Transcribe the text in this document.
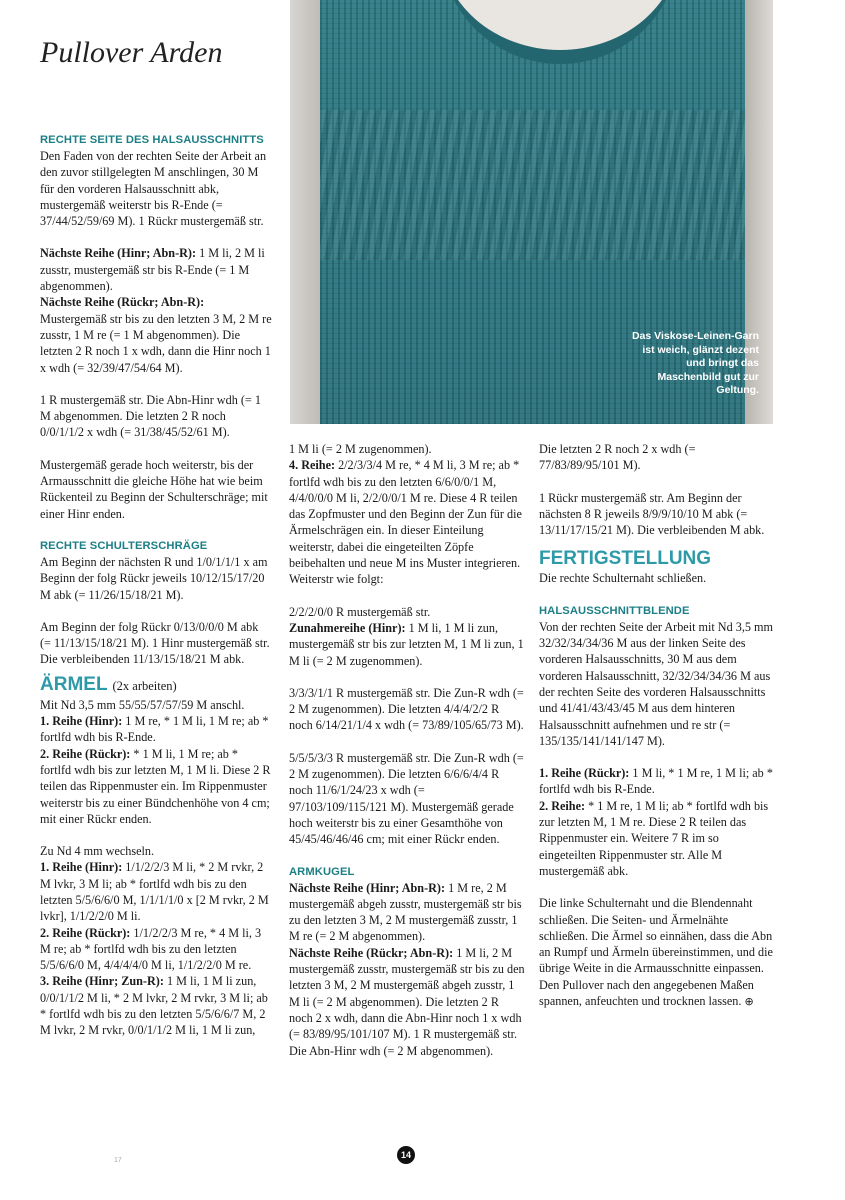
Pullover Arden
Das Viskose-Leinen-Garn ist weich, glänzt dezent und bringt das Maschenbild gut zur Geltung.
RECHTE SEITE DES HALSAUSSCHNITTS

Den Faden von der rechten Seite der Arbeit an den zuvor stillgelegten M anschlingen, 30 M für den vorderen Halsausschnitt abk, mustergemäß weiterstr bis R-Ende (= 37/44/52/59/69 M). 1 Rückr mustergemäß str.

Nächste Reihe (Hinr; Abn-R): 1 M li, 2 M li zusstr, mustergemäß str bis R-Ende (= 1 M abgenommen).

Nächste Reihe (Rückr; Abn-R): Mustergemäß str bis zu den letzten 3 M, 2 M re zusstr, 1 M re (= 1 M abgenommen). Die letzten 2 R noch 1 x wdh, dann die Hinr noch 1 x wdh (= 32/39/47/54/64 M).

1 R mustergemäß str. Die Abn-Hinr wdh (= 1 M abgenommen. Die letzten 2 R noch 0/0/1/1/2 x wdh (= 31/38/45/52/61 M).

Mustergemäß gerade hoch weiterstr, bis der Armausschnitt die gleiche Höhe hat wie beim Rückenteil zu Beginn der Schulterschräge; mit einer Hinr enden.

RECHTE SCHULTERSCHRÄGE

Am Beginn der nächsten R und 1/0/1/1/1 x am Beginn der folg Rückr jeweils 10/12/15/17/20 M abk (= 11/26/15/18/21 M).

Am Beginn der folg Rückr 0/13/0/0/0 M abk (= 11/13/15/18/21 M). 1 Hinr mustergemäß str. Die verbleibenden 11/13/15/18/21 M abk.

ÄRMEL (2x arbeiten)

Mit Nd 3,5 mm 55/55/57/57/59 M anschl.

1. Reihe (Hinr): 1 M re, * 1 M li, 1 M re; ab * fortlfd wdh bis R-Ende.

2. Reihe (Rückr): * 1 M li, 1 M re; ab * fortlfd wdh bis zur letzten M, 1 M li. Diese 2 R teilen das Rippenmuster ein. Im Rippenmuster weiterstr bis zu einer Bündchenhöhe von 4 cm; mit einer Rückr enden.

Zu Nd 4 mm wechseln.

1. Reihe (Hinr): 1/1/2/2/3 M li, * 2 M rvkr, 2 M lvkr, 3 M li; ab * fortlfd wdh bis zu den letzten 5/5/6/6/0 M, 1/1/1/1/0 x [2 M rvkr, 2 M lvkr], 1/1/2/2/0 M li.

2. Reihe (Rückr): 1/1/2/2/3 M re, * 4 M li, 3 M re; ab * fortlfd wdh bis zu den letzten 5/5/6/6/0 M, 4/4/4/4/0 M li, 1/1/2/2/0 M re.

3. Reihe (Hinr; Zun-R): 1 M li, 1 M li zun, 0/0/1/1/2 M li, * 2 M lvkr, 2 M rvkr, 3 M li; ab * fortlfd wdh bis zu den letzten 5/5/6/6/7 M, 2 M lvkr, 2 M rvkr, 0/0/1/1/2 M li, 1 M li zun,

1 M li (= 2 M zugenommen).

4. Reihe: 2/2/3/3/4 M re, * 4 M li, 3 M re; ab * fortlfd wdh bis zu den letzten 6/6/0/0/1 M, 4/4/0/0/0 M li, 2/2/0/0/1 M re. Diese 4 R teilen das Zopfmuster und den Beginn der Zun für die Ärmelschrägen ein. In dieser Einteilung weiterstr, dabei die eingeteilten Zöpfe beibehalten und neue M ins Muster integrieren. Weiterstr wie folgt:

2/2/2/0/0 R mustergemäß str.

Zunahmereihe (Hinr): 1 M li, 1 M li zun, mustergemäß str bis zur letzten M, 1 M li zun, 1 M li (= 2 M zugenommen).

3/3/3/1/1 R mustergemäß str. Die Zun-R wdh (= 2 M zugenommen). Die letzten 4/4/4/2/2 R noch 6/14/21/1/4 x wdh (= 73/89/105/65/73 M).

5/5/5/3/3 R mustergemäß str. Die Zun-R wdh (= 2 M zugenommen). Die letzten 6/6/6/4/4 R noch 11/6/1/24/23 x wdh (= 97/103/109/115/121 M). Mustergemäß gerade hoch weiterstr bis zu einer Gesamthöhe von 45/45/46/46/46 cm; mit einer Rückr enden.

ARMKUGEL

Nächste Reihe (Hinr; Abn-R): 1 M re, 2 M mustergemäß abgeh zusstr, mustergemäß str bis zu den letzten 3 M, 2 M mustergemäß zusstr, 1 M re (= 2 M abgenommen).

Nächste Reihe (Rückr; Abn-R): 1 M li, 2 M mustergemäß zusstr, mustergemäß str bis zu den letzten 3 M, 2 M mustergemäß abgeh zusstr, 1 M li (= 2 M abgenommen). Die letzten 2 R noch 2 x wdh, dann die Abn-Hinr noch 1 x wdh (= 83/89/95/101/107 M). 1 R mustergemäß str. Die Abn-Hinr wdh (= 2 M abgenommen).

Die letzten 2 R noch 2 x wdh (= 77/83/89/95/101 M).

1 Rückr mustergemäß str. Am Beginn der nächsten 8 R jeweils 8/9/9/10/10 M abk (= 13/11/17/15/21 M). Die verbleibenden M abk.

FERTIGSTELLUNG

Die rechte Schulternaht schließen.

HALSAUSSCHNITTBLENDE

Von der rechten Seite der Arbeit mit Nd 3,5 mm 32/32/34/34/36 M aus der linken Seite des vorderen Halsausschnitts, 30 M aus dem vorderen Halsausschnitt, 32/32/34/34/36 M aus der rechten Seite des vorderen Halsausschnitts und 41/41/43/43/45 M aus dem hinteren Halsausschnitt aufnehmen und re str (= 135/135/141/141/147 M).

1. Reihe (Rückr): 1 M li, * 1 M re, 1 M li; ab * fortlfd wdh bis R-Ende.

2. Reihe: * 1 M re, 1 M li; ab * fortlfd wdh bis zur letzten M, 1 M re. Diese 2 R teilen das Rippenmuster ein. Weitere 7 R im so eingeteilten Rippenmuster str. Alle M mustergemäß abk.

Die linke Schulternaht und die Blendennaht schließen. Die Seiten- und Ärmelnähte schließen. Die Ärmel so einnähen, dass die Abn an Rumpf und Ärmeln übereinstimmen, und die übrige Weite in die Armausschnitte einpassen. Den Pullover nach den angegebenen Maßen spannen, anfeuchten und trocknen lassen. ⊕

17
14
